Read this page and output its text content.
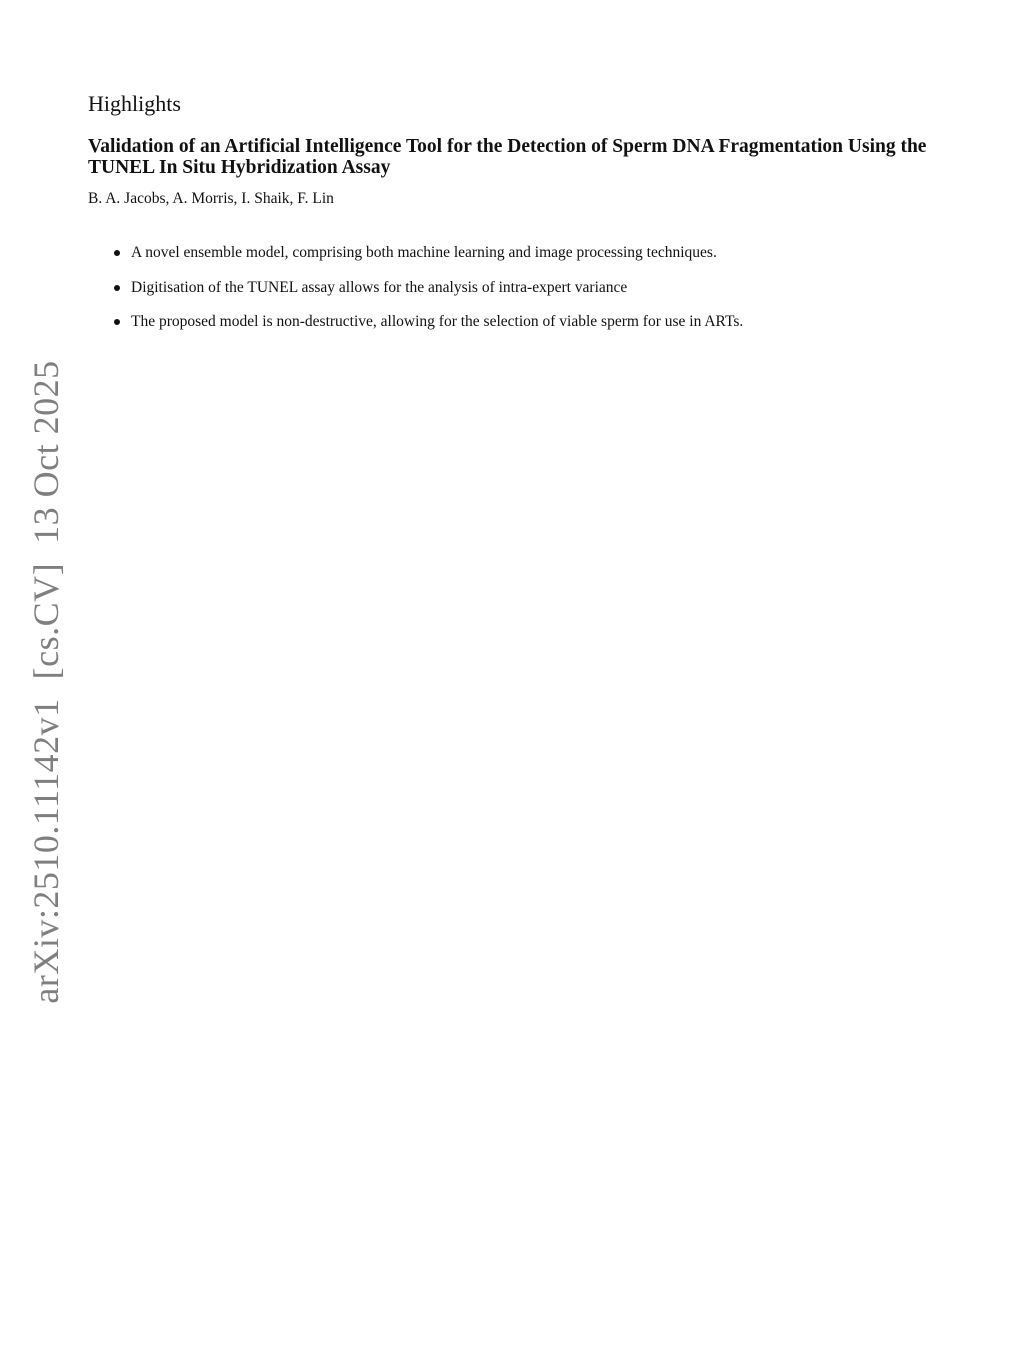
Highlights
Validation of an Artificial Intelligence Tool for the Detection of Sperm DNA Fragmentation Using the TUNEL In Situ Hybridization Assay

B. A. Jacobs, A. Morris, I. Shaik, F. Lin

A novel ensemble model, comprising both machine learning and image processing techniques.
Digitisation of the TUNEL assay allows for the analysis of intra-expert variance
The proposed model is non-destructive, allowing for the selection of viable sperm for use in ARTs.
arXiv:2510.11142v1  [cs.CV]  13 Oct 2025
